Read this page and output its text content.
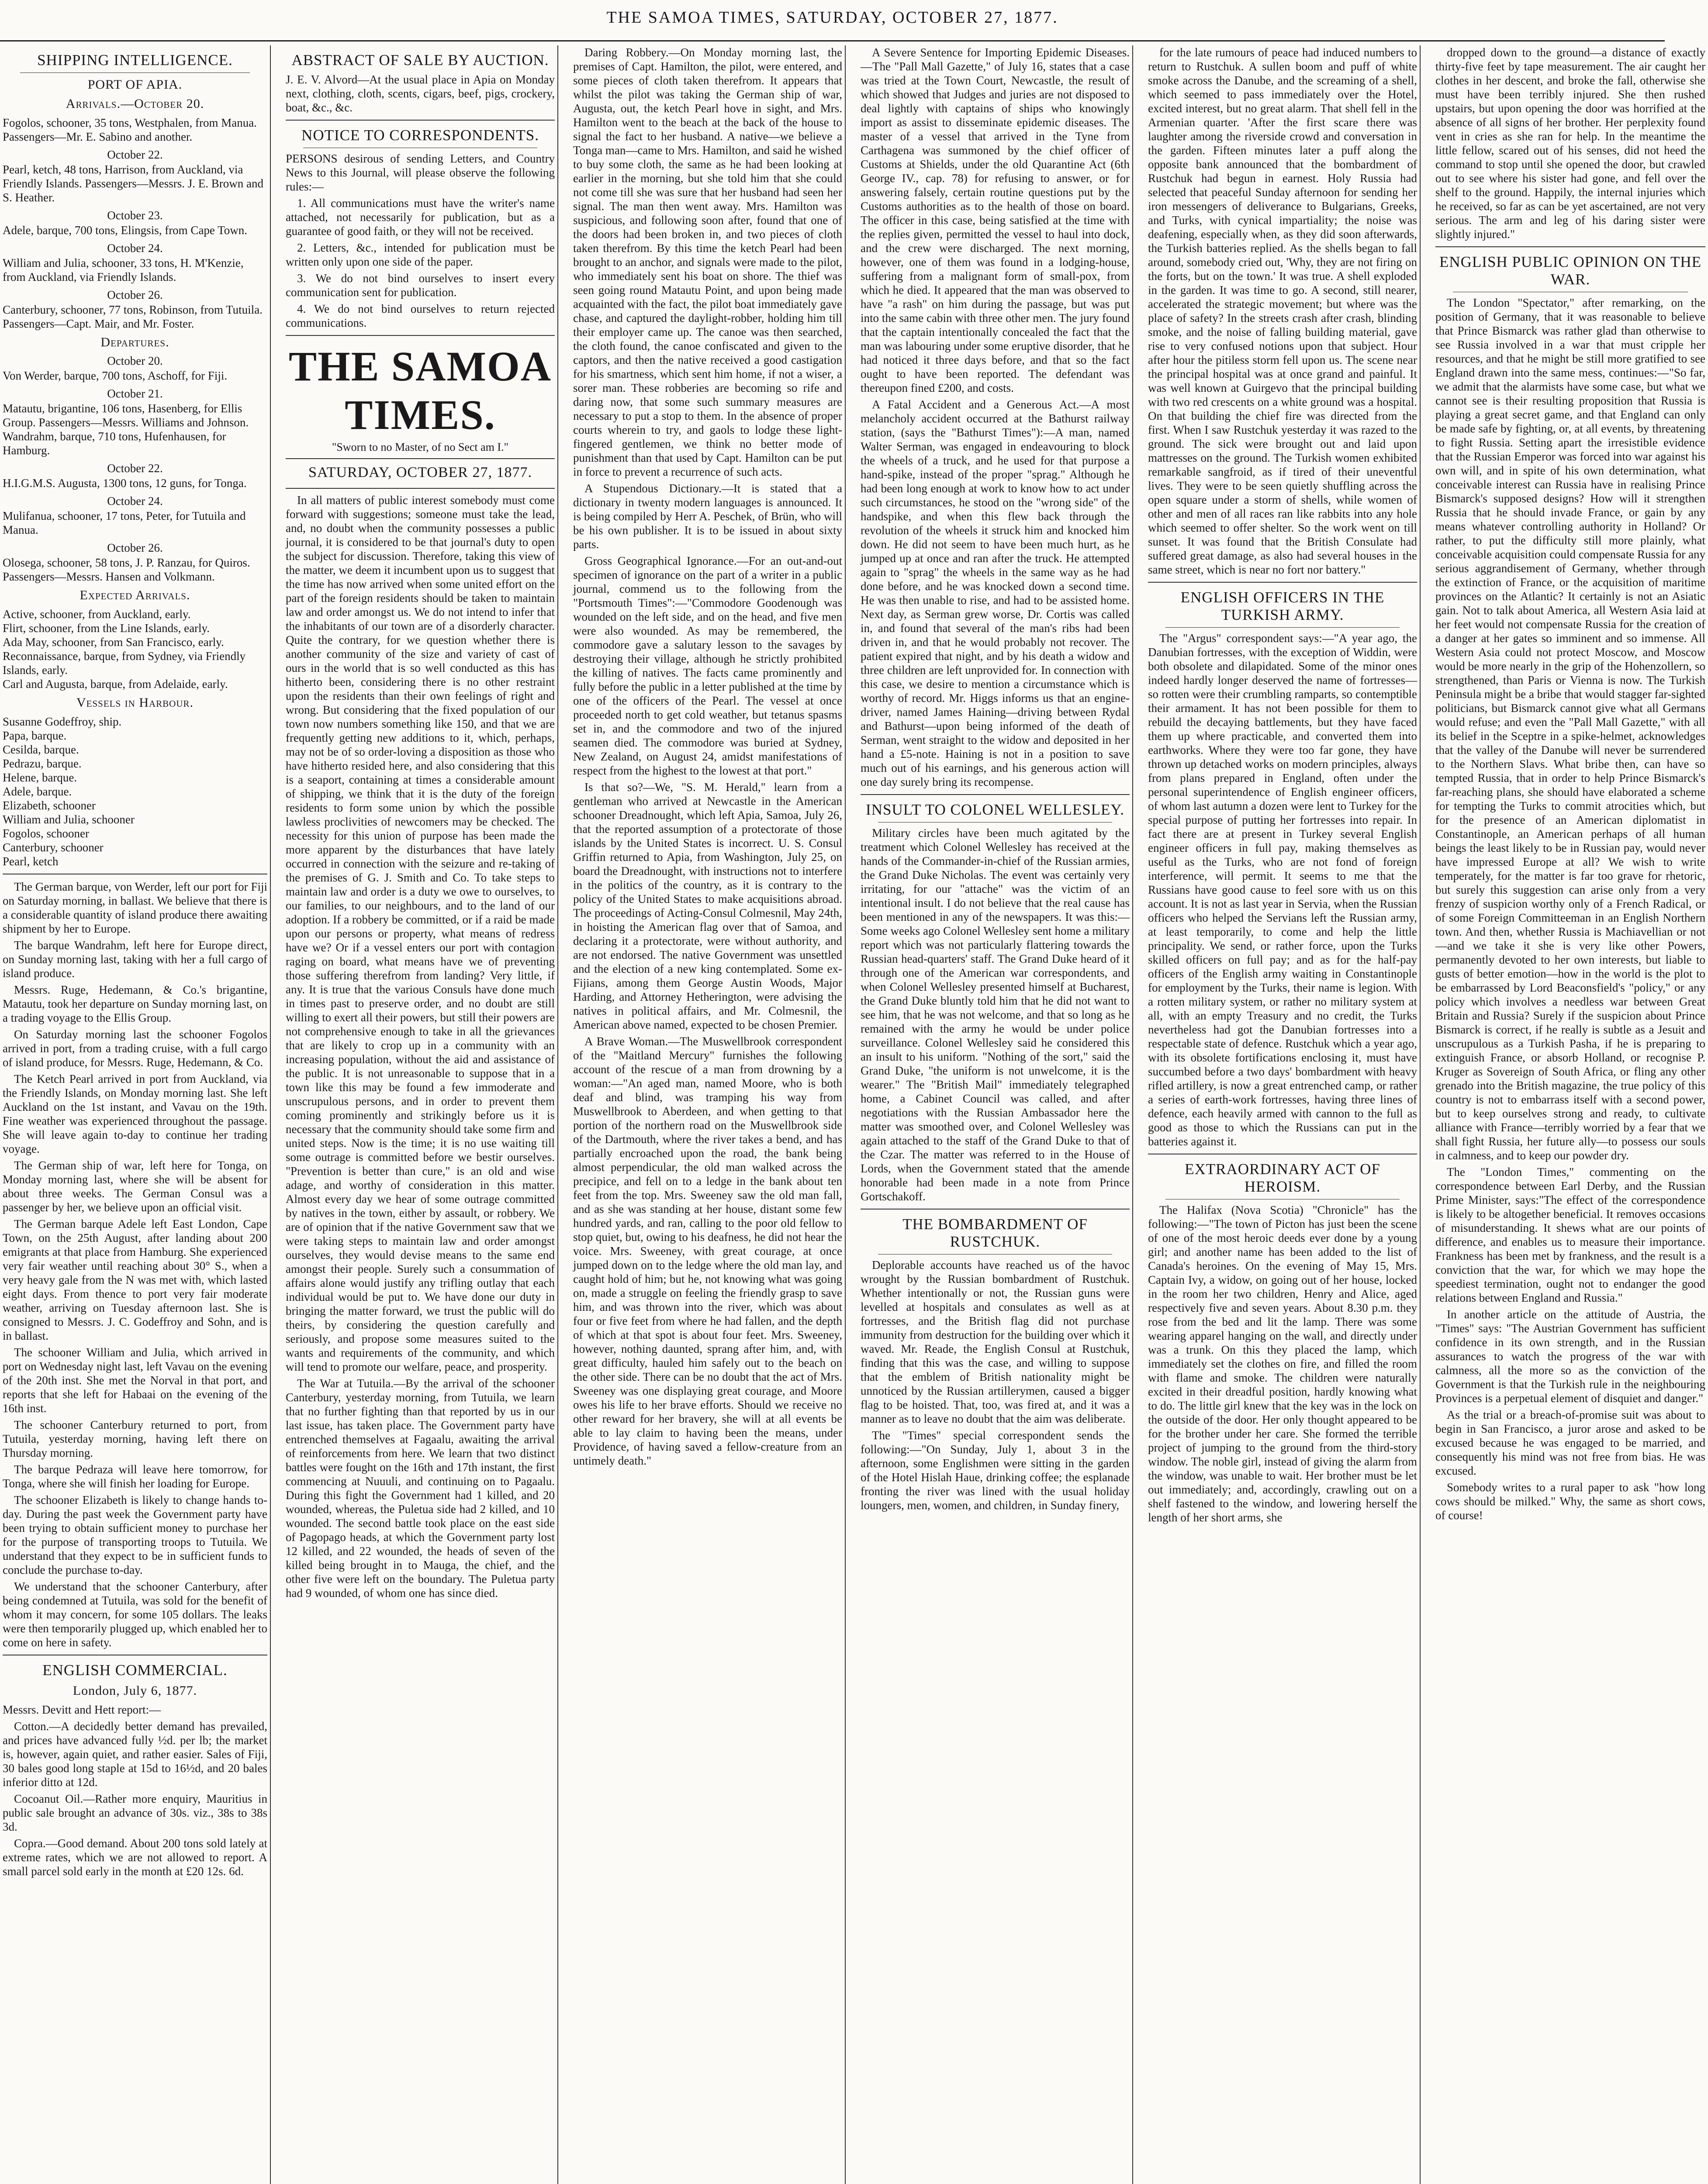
THE SAMOA TIMES, SATURDAY, OCTOBER 27, 1877.
SHIPPING INTELLIGENCE.
PORT OF APIA.
Arrivals.—October 20.
Fogolos, schooner, 35 tons, Westphalen, from Manua. Passengers—Mr. E. Sabino and another.
October 22.
Pearl, ketch, 48 tons, Harrison, from Auckland, via Friendly Islands. Passengers—Messrs. J. E. Brown and S. Heather.
October 23.
Adele, barque, 700 tons, Elingsis, from Cape Town.
October 24.
William and Julia, schooner, 33 tons, H. M'Kenzie, from Auckland, via Friendly Islands.
October 26.
Canterbury, schooner, 77 tons, Robinson, from Tutuila. Passengers—Capt. Mair, and Mr. Foster.
Departures.
October 20.
Von Werder, barque, 700 tons, Aschoff, for Fiji.
October 21.
Matautu, brigantine, 106 tons, Hasenberg, for Ellis Group. Passengers—Messrs. Williams and Johnson.
Wandrahm, barque, 710 tons, Hufenhausen, for Hamburg.
October 22.
H.I.G.M.S. Augusta, 1300 tons, 12 guns, for Tonga.
October 24.
Mulifanua, schooner, 17 tons, Peter, for Tutuila and Manua.
October 26.
Olosega, schooner, 58 tons, J. P. Ranzau, for Quiros. Passengers—Messrs. Hansen and Volkmann.
Expected Arrivals.
Active, schooner, from Auckland, early.
Flirt, schooner, from the Line Islands, early.
Ada May, schooner, from San Francisco, early.
Reconnaissance, barque, from Sydney, via Friendly Islands, early.
Carl and Augusta, barque, from Adelaide, early.
Vessels in Harbour.
Susanne Godeffroy, ship.
Papa, barque.
Cesilda, barque.
Pedrazu, barque.
Helene, barque.
Adele, barque.
Elizabeth, schooner
William and Julia, schooner
Fogolos, schooner
Canterbury, schooner
Pearl, ketch

The German barque, von Werder, left our port for Fiji on Saturday morning, in ballast. We believe that there is a considerable quantity of island produce there awaiting shipment by her to Europe.

The barque Wandrahm, left here for Europe direct, on Sunday morning last, taking with her a full cargo of island produce.

Messrs. Ruge, Hedemann, & Co.'s brigantine, Matautu, took her departure on Sunday morning last, on a trading voyage to the Ellis Group.

On Saturday morning last the schooner Fogolos arrived in port, from a trading cruise, with a full cargo of island produce, for Messrs. Ruge, Hedemann, & Co.

The Ketch Pearl arrived in port from Auckland, via the Friendly Islands, on Monday morning last. She left Auckland on the 1st instant, and Vavau on the 19th. Fine weather was experienced throughout the passage. She will leave again to-day to continue her trading voyage.

The German ship of war, left here for Tonga, on Monday morning last, where she will be absent for about three weeks. The German Consul was a passenger by her, we believe upon an official visit.

The German barque Adele left East London, Cape Town, on the 25th August, after landing about 200 emigrants at that place from Hamburg. She experienced very fair weather until reaching about 30° S., when a very heavy gale from the N was met with, which lasted eight days. From thence to port very fair moderate weather, arriving on Tuesday afternoon last. She is consigned to Messrs. J. C. Godeffroy and Sohn, and is in ballast.

The schooner William and Julia, which arrived in port on Wednesday night last, left Vavau on the evening of the 20th inst. She met the Norval in that port, and reports that she left for Habaai on the evening of the 16th inst.

The schooner Canterbury returned to port, from Tutuila, yesterday morning, having left there on Thursday morning.

The barque Pedraza will leave here tomorrow, for Tonga, where she will finish her loading for Europe.

The schooner Elizabeth is likely to change hands to-day. During the past week the Government party have been trying to obtain sufficient money to purchase her for the purpose of transporting troops to Tutuila. We understand that they expect to be in sufficient funds to conclude the purchase to-day.

We understand that the schooner Canterbury, after being condemned at Tutuila, was sold for the benefit of whom it may concern, for some 105 dollars. The leaks were then temporarily plugged up, which enabled her to come on here in safety.

ENGLISH COMMERCIAL.
London, July 6, 1877.

Messrs. Devitt and Hett report:—

Cotton.—A decidedly better demand has prevailed, and prices have advanced fully ½d. per lb; the market is, however, again quiet, and rather easier. Sales of Fiji, 30 bales good long staple at 15d to 16½d, and 20 bales inferior ditto at 12d.

Cocoanut Oil.—Rather more enquiry, Mauritius in public sale brought an advance of 30s. viz., 38s to 38s 3d.

Copra.—Good demand. About 200 tons sold lately at extreme rates, which we are not allowed to report. A small parcel sold early in the month at £20 12s. 6d.

ABSTRACT OF SALE BY AUCTION.

J. E. V. Alvord—At the usual place in Apia on Monday next, clothing, cloth, scents, cigars, beef, pigs, crockery, boat, &c., &c.

NOTICE TO CORRESPONDENTS.

PERSONS desirous of sending Letters, and Country News to this Journal, will please observe the following rules:—

1. All communications must have the writer's name attached, not necessarily for publication, but as a guarantee of good faith, or they will not be received.

2. Letters, &c., intended for publication must be written only upon one side of the paper.

3. We do not bind ourselves to insert every communication sent for publication.

4. We do not bind ourselves to return rejected communications.

THE SAMOA TIMES.
"Sworn to no Master, of no Sect am I."
SATURDAY, OCTOBER 27, 1877.

In all matters of public interest somebody must come forward with suggestions; someone must take the lead, and, no doubt when the community possesses a public journal, it is considered to be that journal's duty to open the subject for discussion. Therefore, taking this view of the matter, we deem it incumbent upon us to suggest that the time has now arrived when some united effort on the part of the foreign residents should be taken to maintain law and order amongst us. We do not intend to infer that the inhabitants of our town are of a disorderly character. Quite the contrary, for we question whether there is another community of the size and variety of cast of ours in the world that is so well conducted as this has hitherto been, considering there is no other restraint upon the residents than their own feelings of right and wrong. But considering that the fixed population of our town now numbers something like 150, and that we are frequently getting new additions to it, which, perhaps, may not be of so order-loving a disposition as those who have hitherto resided here, and also considering that this is a seaport, containing at times a considerable amount of shipping, we think that it is the duty of the foreign residents to form some union by which the possible lawless proclivities of newcomers may be checked. The necessity for this union of purpose has been made the more apparent by the disturbances that have lately occurred in connection with the seizure and re-taking of the premises of G. J. Smith and Co. To take steps to maintain law and order is a duty we owe to ourselves, to our families, to our neighbours, and to the land of our adoption. If a robbery be committed, or if a raid be made upon our persons or property, what means of redress have we? Or if a vessel enters our port with contagion raging on board, what means have we of preventing those suffering therefrom from landing? Very little, if any. It is true that the various Consuls have done much in times past to preserve order, and no doubt are still willing to exert all their powers, but still their powers are not comprehensive enough to take in all the grievances that are likely to crop up in a community with an increasing population, without the aid and assistance of the public. It is not unreasonable to suppose that in a town like this may be found a few immoderate and unscrupulous persons, and in order to prevent them coming prominently and strikingly before us it is necessary that the community should take some firm and united steps. Now is the time; it is no use waiting till some outrage is committed before we bestir ourselves. "Prevention is better than cure," is an old and wise adage, and worthy of consideration in this matter. Almost every day we hear of some outrage committed by natives in the town, either by assault, or robbery. We are of opinion that if the native Government saw that we were taking steps to maintain law and order amongst ourselves, they would devise means to the same end amongst their people. Surely such a consummation of affairs alone would justify any trifling outlay that each individual would be put to. We have done our duty in bringing the matter forward, we trust the public will do theirs, by considering the question carefully and seriously, and propose some measures suited to the wants and requirements of the community, and which will tend to promote our welfare, peace, and prosperity.

The War at Tutuila.—By the arrival of the schooner Canterbury, yesterday morning, from Tutuila, we learn that no further fighting than that reported by us in our last issue, has taken place. The Government party have entrenched themselves at Fagaalu, awaiting the arrival of reinforcements from here. We learn that two distinct battles were fought on the 16th and 17th instant, the first commencing at Nuuuli, and continuing on to Pagaalu. During this fight the Government had 1 killed, and 20 wounded, whereas, the Puletua side had 2 killed, and 10 wounded. The second battle took place on the east side of Pagopago heads, at which the Government party lost 12 killed, and 22 wounded, the heads of seven of the killed being brought in to Mauga, the chief, and the other five were left on the boundary. The Puletua party had 9 wounded, of whom one has since died.

Daring Robbery.—On Monday morning last, the premises of Capt. Hamilton, the pilot, were entered, and some pieces of cloth taken therefrom. It appears that whilst the pilot was taking the German ship of war, Augusta, out, the ketch Pearl hove in sight, and Mrs. Hamilton went to the beach at the back of the house to signal the fact to her husband. A native—we believe a Tonga man—came to Mrs. Hamilton, and said he wished to buy some cloth, the same as he had been looking at earlier in the morning, but she told him that she could not come till she was sure that her husband had seen her signal. The man then went away. Mrs. Hamilton was suspicious, and following soon after, found that one of the doors had been broken in, and two pieces of cloth taken therefrom. By this time the ketch Pearl had been brought to an anchor, and signals were made to the pilot, who immediately sent his boat on shore. The thief was seen going round Matautu Point, and upon being made acquainted with the fact, the pilot boat immediately gave chase, and captured the daylight-robber, holding him till their employer came up. The canoe was then searched, the cloth found, the canoe confiscated and given to the captors, and then the native received a good castigation for his smartness, which sent him home, if not a wiser, a sorer man. These robberies are becoming so rife and daring now, that some such summary measures are necessary to put a stop to them. In the absence of proper courts wherein to try, and gaols to lodge these light-fingered gentlemen, we think no better mode of punishment than that used by Capt. Hamilton can be put in force to prevent a recurrence of such acts.

A Stupendous Dictionary.—It is stated that a dictionary in twenty modern languages is announced. It is being compiled by Herr A. Peschek, of Brün, who will be his own publisher. It is to be issued in about sixty parts.

Gross Geographical Ignorance.—For an out-and-out specimen of ignorance on the part of a writer in a public journal, commend us to the following from the "Portsmouth Times":—"Commodore Goodenough was wounded on the left side, and on the head, and five men were also wounded. As may be remembered, the commodore gave a salutary lesson to the savages by destroying their village, although he strictly prohibited the killing of natives. The facts came prominently and fully before the public in a letter published at the time by one of the officers of the Pearl. The vessel at once proceeded north to get cold weather, but tetanus spasms set in, and the commodore and two of the injured seamen died. The commodore was buried at Sydney, New Zealand, on August 24, amidst manifestations of respect from the highest to the lowest at that port."

Is that so?—We, "S. M. Herald," learn from a gentleman who arrived at Newcastle in the American schooner Dreadnought, which left Apia, Samoa, July 26, that the reported assumption of a protectorate of those islands by the United States is incorrect. U. S. Consul Griffin returned to Apia, from Washington, July 25, on board the Dreadnought, with instructions not to interfere in the politics of the country, as it is contrary to the policy of the United States to make acquisitions abroad. The proceedings of Acting-Consul Colmesnil, May 24th, in hoisting the American flag over that of Samoa, and declaring it a protectorate, were without authority, and are not endorsed. The native Government was unsettled and the election of a new king contemplated. Some ex-Fijians, among them George Austin Woods, Major Harding, and Attorney Hetherington, were advising the natives in political affairs, and Mr. Colmesnil, the American above named, expected to be chosen Premier.

A Brave Woman.—The Muswellbrook correspondent of the "Maitland Mercury" furnishes the following account of the rescue of a man from drowning by a woman:—"An aged man, named Moore, who is both deaf and blind, was tramping his way from Muswellbrook to Aberdeen, and when getting to that portion of the northern road on the Muswellbrook side of the Dartmouth, where the river takes a bend, and has partially encroached upon the road, the bank being almost perpendicular, the old man walked across the precipice, and fell on to a ledge in the bank about ten feet from the top. Mrs. Sweeney saw the old man fall, and as she was standing at her house, distant some few hundred yards, and ran, calling to the poor old fellow to stop quiet, but, owing to his deafness, he did not hear the voice. Mrs. Sweeney, with great courage, at once jumped down on to the ledge where the old man lay, and caught hold of him; but he, not knowing what was going on, made a struggle on feeling the friendly grasp to save him, and was thrown into the river, which was about four or five feet from where he had fallen, and the depth of which at that spot is about four feet. Mrs. Sweeney, however, nothing daunted, sprang after him, and, with great difficulty, hauled him safely out to the beach on the other side. There can be no doubt that the act of Mrs. Sweeney was one displaying great courage, and Moore owes his life to her brave efforts. Should we receive no other reward for her bravery, she will at all events be able to lay claim to having been the means, under Providence, of having saved a fellow-creature from an untimely death."

A Severe Sentence for Importing Epidemic Diseases.—The "Pall Mall Gazette," of July 16, states that a case was tried at the Town Court, Newcastle, the result of which showed that Judges and juries are not disposed to deal lightly with captains of ships who knowingly import as assist to disseminate epidemic diseases. The master of a vessel that arrived in the Tyne from Carthagena was summoned by the chief officer of Customs at Shields, under the old Quarantine Act (6th George IV., cap. 78) for refusing to answer, or for answering falsely, certain routine questions put by the Customs authorities as to the health of those on board. The officer in this case, being satisfied at the time with the replies given, permitted the vessel to haul into dock, and the crew were discharged. The next morning, however, one of them was found in a lodging-house, suffering from a malignant form of small-pox, from which he died. It appeared that the man was observed to have "a rash" on him during the passage, but was put into the same cabin with three other men. The jury found that the captain intentionally concealed the fact that the man was labouring under some eruptive disorder, that he had noticed it three days before, and that so the fact ought to have been reported. The defendant was thereupon fined £200, and costs.

A Fatal Accident and a Generous Act.—A most melancholy accident occurred at the Bathurst railway station, (says the "Bathurst Times"):—A man, named Walter Serman, was engaged in endeavouring to block the wheels of a truck, and he used for that purpose a hand-spike, instead of the proper "sprag." Although he had been long enough at work to know how to act under such circumstances, he stood on the "wrong side" of the handspike, and when this flew back through the revolution of the wheels it struck him and knocked him down. He did not seem to have been much hurt, as he jumped up at once and ran after the truck. He attempted again to "sprag" the wheels in the same way as he had done before, and he was knocked down a second time. He was then unable to rise, and had to be assisted home. Next day, as Serman grew worse, Dr. Cortis was called in, and found that several of the man's ribs had been driven in, and that he would probably not recover. The patient expired that night, and by his death a widow and three children are left unprovided for. In connection with this case, we desire to mention a circumstance which is worthy of record. Mr. Higgs informs us that an engine-driver, named James Haining—driving between Rydal and Bathurst—upon being informed of the death of Serman, went straight to the widow and deposited in her hand a £5-note. Haining is not in a position to save much out of his earnings, and his generous action will one day surely bring its recompense.

INSULT TO COLONEL WELLESLEY.

Military circles have been much agitated by the treatment which Colonel Wellesley has received at the hands of the Commander-in-chief of the Russian armies, the Grand Duke Nicholas. The event was certainly very irritating, for our "attache" was the victim of an intentional insult. I do not believe that the real cause has been mentioned in any of the newspapers. It was this:—Some weeks ago Colonel Wellesley sent home a military report which was not particularly flattering towards the Russian head-quarters' staff. The Grand Duke heard of it through one of the American war correspondents, and when Colonel Wellesley presented himself at Bucharest, the Grand Duke bluntly told him that he did not want to see him, that he was not welcome, and that so long as he remained with the army he would be under police surveillance. Colonel Wellesley said he considered this an insult to his uniform. "Nothing of the sort," said the Grand Duke, "the uniform is not unwelcome, it is the wearer." The "British Mail" immediately telegraphed home, a Cabinet Council was called, and after negotiations with the Russian Ambassador here the matter was smoothed over, and Colonel Wellesley was again attached to the staff of the Grand Duke to that of the Czar. The matter was referred to in the House of Lords, when the Government stated that the amende honorable had been made in a note from Prince Gortschakoff.

THE BOMBARDMENT OF RUSTCHUK.

Deplorable accounts have reached us of the havoc wrought by the Russian bombardment of Rustchuk. Whether intentionally or not, the Russian guns were levelled at hospitals and consulates as well as at fortresses, and the British flag did not purchase immunity from destruction for the building over which it waved. Mr. Reade, the English Consul at Rustchuk, finding that this was the case, and willing to suppose that the emblem of British nationality might be unnoticed by the Russian artillerymen, caused a bigger flag to be hoisted. That, too, was fired at, and it was a manner as to leave no doubt that the aim was deliberate.

The "Times" special correspondent sends the following:—"On Sunday, July 1, about 3 in the afternoon, some Englishmen were sitting in the garden of the Hotel Hislah Haue, drinking coffee; the esplanade fronting the river was lined with the usual holiday loungers, men, women, and children, in Sunday finery,

for the late rumours of peace had induced numbers to return to Rustchuk. A sullen boom and puff of white smoke across the Danube, and the screaming of a shell, which seemed to pass immediately over the Hotel, excited interest, but no great alarm. That shell fell in the Armenian quarter. 'After the first scare there was laughter among the riverside crowd and conversation in the garden. Fifteen minutes later a puff along the opposite bank announced that the bombardment of Rustchuk had begun in earnest. Holy Russia had selected that peaceful Sunday afternoon for sending her iron messengers of deliverance to Bulgarians, Greeks, and Turks, with cynical impartiality; the noise was deafening, especially when, as they did soon afterwards, the Turkish batteries replied. As the shells began to fall around, somebody cried out, 'Why, they are not firing on the forts, but on the town.' It was true. A shell exploded in the garden. It was time to go. A second, still nearer, accelerated the strategic movement; but where was the place of safety? In the streets crash after crash, blinding smoke, and the noise of falling building material, gave rise to very confused notions upon that subject. Hour after hour the pitiless storm fell upon us. The scene near the principal hospital was at once grand and painful. It was well known at Guirgevo that the principal building with two red crescents on a white ground was a hospital. On that building the chief fire was directed from the first. When I saw Rustchuk yesterday it was razed to the ground. The sick were brought out and laid upon mattresses on the ground. The Turkish women exhibited remarkable sangfroid, as if tired of their uneventful lives. They were to be seen quietly shuffling across the open square under a storm of shells, while women of other and men of all races ran like rabbits into any hole which seemed to offer shelter. So the work went on till sunset. It was found that the British Consulate had suffered great damage, as also had several houses in the same street, which is near no fort nor battery."

ENGLISH OFFICERS IN THE TURKISH ARMY.

The "Argus" correspondent says:—"A year ago, the Danubian fortresses, with the exception of Widdin, were both obsolete and dilapidated. Some of the minor ones indeed hardly longer deserved the name of fortresses—so rotten were their crumbling ramparts, so contemptible their armament. It has not been possible for them to rebuild the decaying battlements, but they have faced them up where practicable, and converted them into earthworks. Where they were too far gone, they have thrown up detached works on modern principles, always from plans prepared in England, often under the personal superintendence of English engineer officers, of whom last autumn a dozen were lent to Turkey for the special purpose of putting her fortresses into repair. In fact there are at present in Turkey several English engineer officers in full pay, making themselves as useful as the Turks, who are not fond of foreign interference, will permit. It seems to me that the Russians have good cause to feel sore with us on this account. It is not as last year in Servia, when the Russian officers who helped the Servians left the Russian army, at least temporarily, to come and help the little principality. We send, or rather force, upon the Turks skilled officers on full pay; and as for the half-pay officers of the English army waiting in Constantinople for employment by the Turks, their name is legion. With a rotten military system, or rather no military system at all, with an empty Treasury and no credit, the Turks nevertheless had got the Danubian fortresses into a respectable state of defence. Rustchuk which a year ago, with its obsolete fortifications enclosing it, must have succumbed before a two days' bombardment with heavy rifled artillery, is now a great entrenched camp, or rather a series of earth-work fortresses, having three lines of defence, each heavily armed with cannon to the full as good as those to which the Russians can put in the batteries against it.

EXTRAORDINARY ACT OF HEROISM.

The Halifax (Nova Scotia) "Chronicle" has the following:—"The town of Picton has just been the scene of one of the most heroic deeds ever done by a young girl; and another name has been added to the list of Canada's heroines. On the evening of May 15, Mrs. Captain Ivy, a widow, on going out of her house, locked in the room her two children, Henry and Alice, aged respectively five and seven years. About 8.30 p.m. they rose from the bed and lit the lamp. There was some wearing apparel hanging on the wall, and directly under was a trunk. On this they placed the lamp, which immediately set the clothes on fire, and filled the room with flame and smoke. The children were naturally excited in their dreadful position, hardly knowing what to do. The little girl knew that the key was in the lock on the outside of the door. Her only thought appeared to be for the brother under her care. She formed the terrible project of jumping to the ground from the third-story window. The noble girl, instead of giving the alarm from the window, was unable to wait. Her brother must be let out immediately; and, accordingly, crawling out on a shelf fastened to the window, and lowering herself the length of her short arms, she

dropped down to the ground—a distance of exactly thirty-five feet by tape measurement. The air caught her clothes in her descent, and broke the fall, otherwise she must have been terribly injured. She then rushed upstairs, but upon opening the door was horrified at the absence of all signs of her brother. Her perplexity found vent in cries as she ran for help. In the meantime the little fellow, scared out of his senses, did not heed the command to stop until she opened the door, but crawled out to see where his sister had gone, and fell over the shelf to the ground. Happily, the internal injuries which he received, so far as can be yet ascertained, are not very serious. The arm and leg of his daring sister were slightly injured."

ENGLISH PUBLIC OPINION ON THE WAR.

The London "Spectator," after remarking, on the position of Germany, that it was reasonable to believe that Prince Bismarck was rather glad than otherwise to see Russia involved in a war that must cripple her resources, and that he might be still more gratified to see England drawn into the same mess, continues:—"So far, we admit that the alarmists have some case, but what we cannot see is their resulting proposition that Russia is playing a great secret game, and that England can only be made safe by fighting, or, at all events, by threatening to fight Russia. Setting apart the irresistible evidence that the Russian Emperor was forced into war against his own will, and in spite of his own determination, what conceivable interest can Russia have in realising Prince Bismarck's supposed designs? How will it strengthen Russia that he should invade France, or gain by any means whatever controlling authority in Holland? Or rather, to put the difficulty still more plainly, what conceivable acquisition could compensate Russia for any serious aggrandisement of Germany, whether through the extinction of France, or the acquisition of maritime provinces on the Atlantic? It certainly is not an Asiatic gain. Not to talk about America, all Western Asia laid at her feet would not compensate Russia for the creation of a danger at her gates so imminent and so immense. All Western Asia could not protect Moscow, and Moscow would be more nearly in the grip of the Hohenzollern, so strengthened, than Paris or Vienna is now. The Turkish Peninsula might be a bribe that would stagger far-sighted politicians, but Bismarck cannot give what all Germans would refuse; and even the "Pall Mall Gazette," with all its belief in the Sceptre in a spike-helmet, acknowledges that the valley of the Danube will never be surrendered to the Northern Slavs. What bribe then, can have so tempted Russia, that in order to help Prince Bismarck's far-reaching plans, she should have elaborated a scheme for tempting the Turks to commit atrocities which, but for the presence of an American diplomatist in Constantinople, an American perhaps of all human beings the least likely to be in Russian pay, would never have impressed Europe at all? We wish to write temperately, for the matter is far too grave for rhetoric, but surely this suggestion can arise only from a very frenzy of suspicion worthy only of a French Radical, or of some Foreign Committeeman in an English Northern town. And then, whether Russia is Machiavellian or not—and we take it she is very like other Powers, permanently devoted to her own interests, but liable to gusts of better emotion—how in the world is the plot to be embarrassed by Lord Beaconsfield's "policy," or any policy which involves a needless war between Great Britain and Russia? Surely if the suspicion about Prince Bismarck is correct, if he really is subtle as a Jesuit and unscrupulous as a Turkish Pasha, if he is preparing to extinguish France, or absorb Holland, or recognise P. Kruger as Sovereign of South Africa, or fling any other grenado into the British magazine, the true policy of this country is not to embarrass itself with a second power, but to keep ourselves strong and ready, to cultivate alliance with France—terribly worried by a fear that we shall fight Russia, her future ally—to possess our souls in calmness, and to keep our powder dry.

The "London Times," commenting on the correspondence between Earl Derby, and the Russian Prime Minister, says:"The effect of the correspondence is likely to be altogether beneficial. It removes occasions of misunderstanding. It shews what are our points of difference, and enables us to measure their importance. Frankness has been met by frankness, and the result is a conviction that the war, for which we may hope the speediest termination, ought not to endanger the good relations between England and Russia."

In another article on the attitude of Austria, the "Times" says: "The Austrian Government has sufficient confidence in its own strength, and in the Russian assurances to watch the progress of the war with calmness, all the more so as the conviction of the Government is that the Turkish rule in the neighbouring Provinces is a perpetual element of disquiet and danger."

As the trial or a breach-of-promise suit was about to begin in San Francisco, a juror arose and asked to be excused because he was engaged to be married, and consequently his mind was not free from bias. He was excused.

Somebody writes to a rural paper to ask "how long cows should be milked." Why, the same as short cows, of course!
